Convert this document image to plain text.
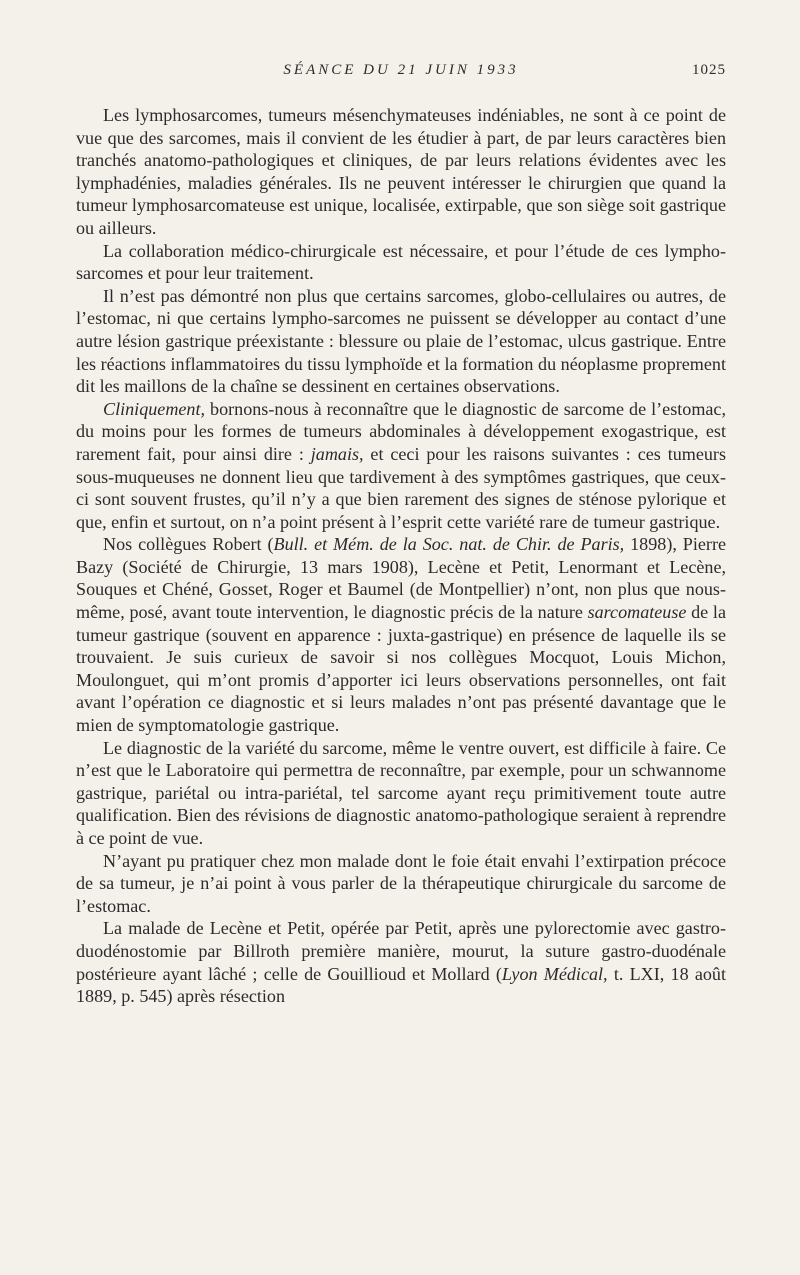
SÉANCE DU 21 JUIN 1933	1025

Les lymphosarcomes, tumeurs mésenchymateuses indéniables, ne sont à ce point de vue que des sarcomes, mais il convient de les étudier à part, de par leurs caractères bien tranchés anatomo-pathologiques et cliniques, de par leurs relations évidentes avec les lymphadénies, maladies générales. Ils ne peuvent intéresser le chirurgien que quand la tumeur lymphosarcomateuse est unique, localisée, extirpable, que son siège soit gastrique ou ailleurs.

La collaboration médico-chirurgicale est nécessaire, et pour l’étude de ces lympho-sarcomes et pour leur traitement.

Il n’est pas démontré non plus que certains sarcomes, globo-cellulaires ou autres, de l’estomac, ni que certains lympho-sarcomes ne puissent se développer au contact d’une autre lésion gastrique préexistante : blessure ou plaie de l’estomac, ulcus gastrique. Entre les réactions inflammatoires du tissu lymphoïde et la formation du néoplasme proprement dit les maillons de la chaîne se dessinent en certaines observations.

Cliniquement, bornons-nous à reconnaître que le diagnostic de sarcome de l’estomac, du moins pour les formes de tumeurs abdominales à développement exogastrique, est rarement fait, pour ainsi dire : jamais, et ceci pour les raisons suivantes : ces tumeurs sous-muqueuses ne donnent lieu que tardivement à des symptômes gastriques, que ceux-ci sont souvent frustes, qu’il n’y a que bien rarement des signes de sténose pylorique et que, enfin et surtout, on n’a point présent à l’esprit cette variété rare de tumeur gastrique.

Nos collègues Robert (Bull. et Mém. de la Soc. nat. de Chir. de Paris, 1898), Pierre Bazy (Société de Chirurgie, 13 mars 1908), Lecène et Petit, Lenormant et Lecène, Souques et Chéné, Gosset, Roger et Baumel (de Montpellier) n’ont, non plus que nous-même, posé, avant toute intervention, le diagnostic précis de la nature sarcomateuse de la tumeur gastrique (souvent en apparence : juxta-gastrique) en présence de laquelle ils se trouvaient. Je suis curieux de savoir si nos collègues Mocquot, Louis Michon, Moulonguet, qui m’ont promis d’apporter ici leurs observations personnelles, ont fait avant l’opération ce diagnostic et si leurs malades n’ont pas présenté davantage que le mien de symptomatologie gastrique.

Le diagnostic de la variété du sarcome, même le ventre ouvert, est difficile à faire. Ce n’est que le Laboratoire qui permettra de reconnaître, par exemple, pour un schwannome gastrique, pariétal ou intra-pariétal, tel sarcome ayant reçu primitivement toute autre qualification. Bien des révisions de diagnostic anatomo-pathologique seraient à reprendre à ce point de vue.

N’ayant pu pratiquer chez mon malade dont le foie était envahi l’extirpation précoce de sa tumeur, je n’ai point à vous parler de la thérapeutique chirurgicale du sarcome de l’estomac.

La malade de Lecène et Petit, opérée par Petit, après une pylorectomie avec gastro-duodénostomie par Billroth première manière, mourut, la suture gastro-duodénale postérieure ayant lâché ; celle de Gouillioud et Mollard (Lyon Médical, t. LXI, 18 août 1889, p. 545) après résection
